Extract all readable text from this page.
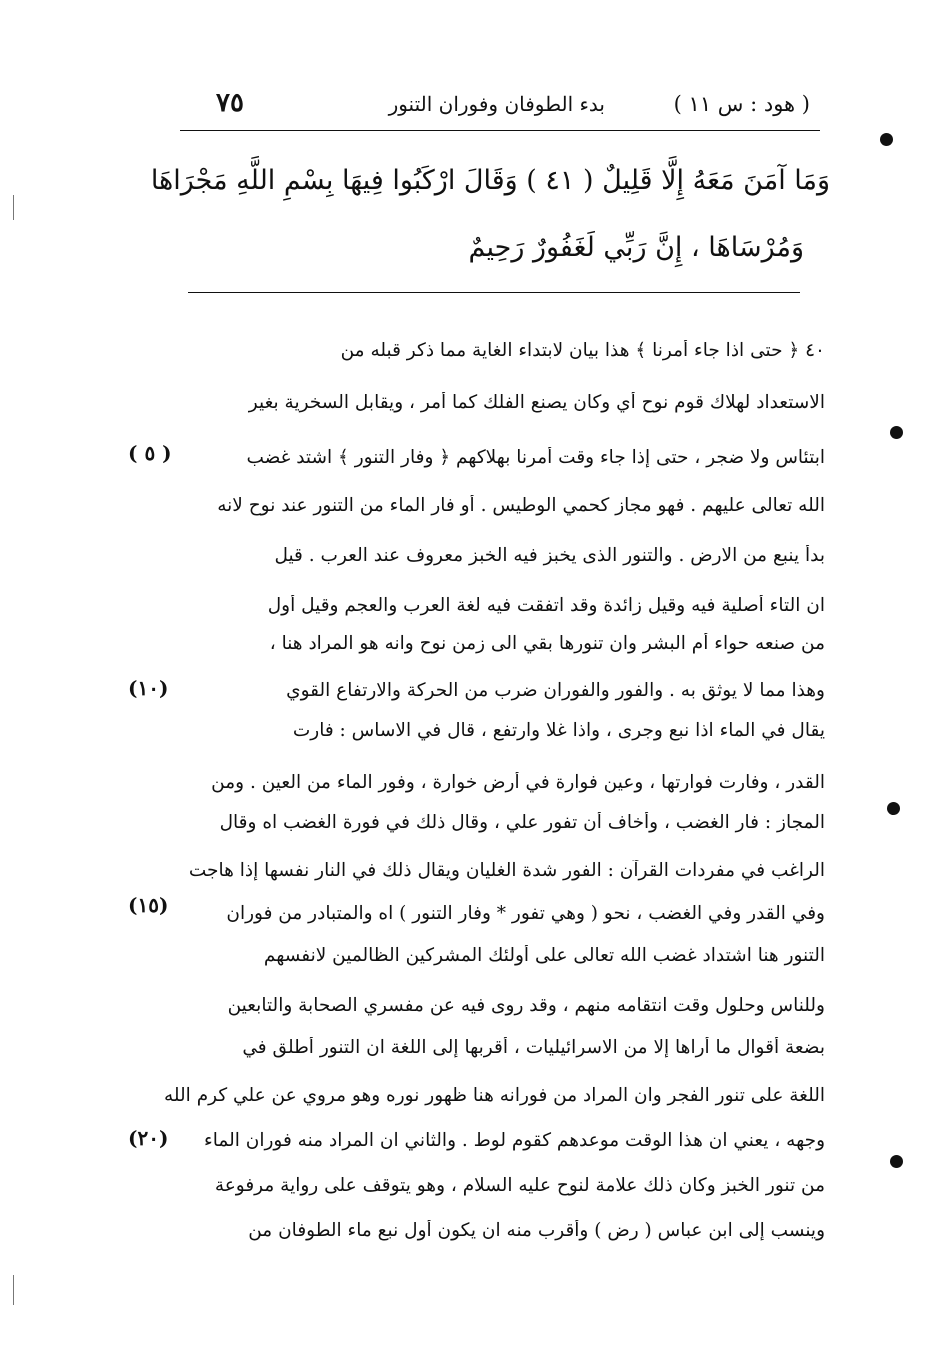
( هود : س ١١ )
بدء الطوفان وفوران التنور
٧٥
وَمَا آمَنَ مَعَهُ إِلَّا قَلِيلٌ ( ٤١ ) وَقَالَ ارْكَبُوا فِيهَا بِسْمِ اللَّهِ مَجْرَاهَا
وَمُرْسَاهَا ، إِنَّ رَبِّي لَغَفُورٌ رَحِيمٌ
٤٠ ﴿ حتى اذا جاء أمرنا ﴾ هذا بيان لابتداء الغاية مما ذكر قبله من
الاستعداد لهلاك قوم نوح أي وكان يصنع الفلك كما أمر ، ويقابل السخرية بغير
ابتئاس ولا ضجر ، حتى إذا جاء وقت أمرنا بهلاكهم ﴿ وفار التنور ﴾ اشتد غضب
الله تعالى عليهم . فهو مجاز كحمي الوطيس . أو فار الماء من التنور عند نوح لانه
بدأ ينبع من الارض . والتنور الذى يخبز فيه الخبز معروف عند العرب . قيل
ان التاء أصلية فيه وقيل زائدة وقد اتفقت فيه لغة العرب والعجم وقيل أول
من صنعه حواء أم البشر وان تنورها بقي الى زمن نوح وانه هو المراد هنا ،
وهذا مما لا يوثق به . والفور والفوران ضرب من الحركة والارتفاع القوي
يقال في الماء اذا نبع وجرى ، واذا غلا وارتفع ، قال في الاساس : فارت
القدر ، وفارت فوارتها ، وعين فوارة في أرض خوارة ، وفور الماء من العين . ومن
المجاز : فار الغضب ، وأخاف أن تفور علي ، وقال ذلك في فورة الغضب اه وقال
الراغب في مفردات القرآن : الفور شدة الغليان ويقال ذلك في النار نفسها إذا هاجت
وفي القدر وفي الغضب ، نحو ( وهي تفور * وفار التنور ) اه والمتبادر من فوران
التنور هنا اشتداد غضب الله تعالى على أولئك المشركين الظالمين لانفسهم
وللناس وحلول وقت انتقامه منهم ، وقد روى فيه عن مفسري الصحابة والتابعين
بضعة أقوال ما أراها إلا من الاسرائيليات ، أقربها إلى اللغة ان التنور أطلق في
اللغة على تنور الفجر وان المراد من فورانه هنا ظهور نوره وهو مروي عن علي كرم الله
وجهه ، يعني ان هذا الوقت موعدهم كقوم لوط . والثاني ان المراد منه فوران الماء
من تنور الخبز وكان ذلك علامة لنوح عليه السلام ، وهو يتوقف على رواية مرفوعة
وينسب إلى ابن عباس ( رض ) وأقرب منه ان يكون أول نبع ماء الطوفان من
( ٥ )
(١٠)
(١٥)
(٢٠)
